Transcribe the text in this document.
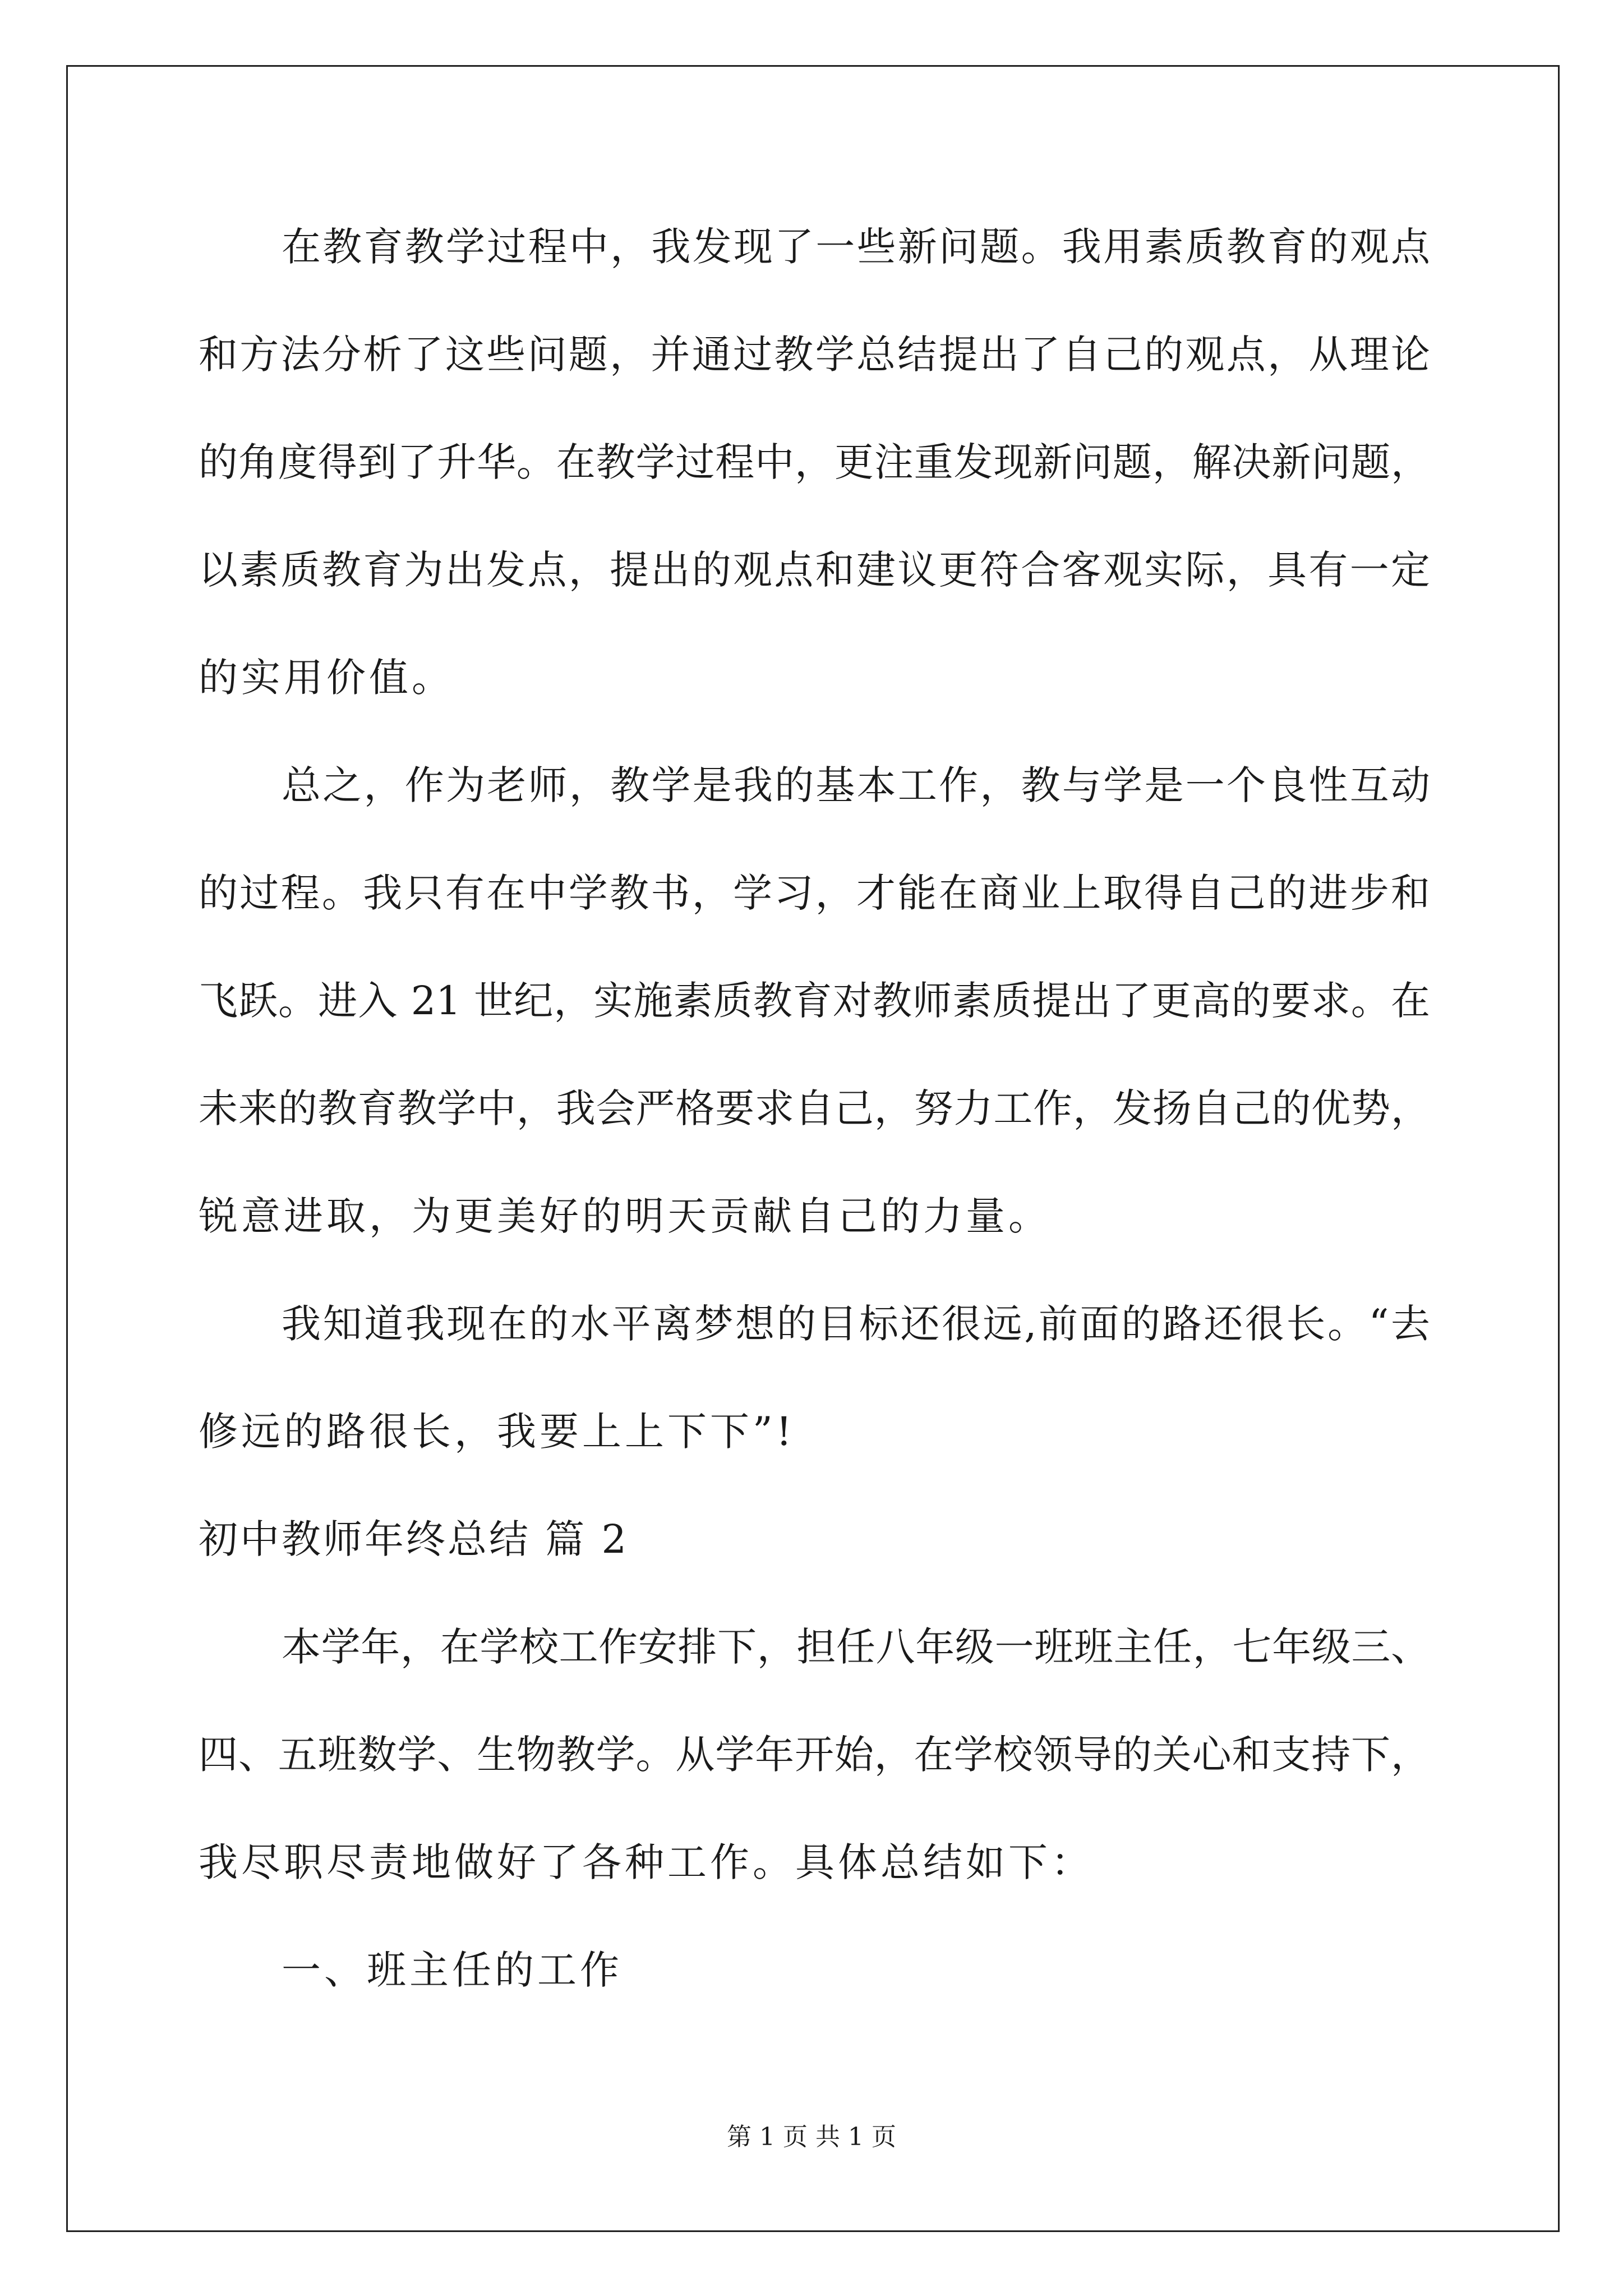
在教育教学过程中，我发现了一些新问题。我用素质教育的观点
和方法分析了这些问题，并通过教学总结提出了自己的观点，从理论
的角度得到了升华。在教学过程中，更注重发现新问题，解决新问题，
以素质教育为出发点，提出的观点和建议更符合客观实际，具有一定
的实用价值。
总之，作为老师，教学是我的基本工作，教与学是一个良性互动
的过程。我只有在中学教书，学习，才能在商业上取得自己的进步和
飞跃。进入 21 世纪，实施素质教育对教师素质提出了更高的要求。在
未来的教育教学中，我会严格要求自己，努力工作，发扬自己的优势，
锐意进取，为更美好的明天贡献自己的力量。
我知道我现在的水平离梦想的目标还很远,前面的路还很长。“去
修远的路很长，我要上上下下”!
初中教师年终总结 篇 2
本学年，在学校工作安排下，担任八年级一班班主任，七年级三、
四、五班数学、生物教学。从学年开始，在学校领导的关心和支持下，
我尽职尽责地做好了各种工作。具体总结如下：
一、班主任的工作
第 1 页 共 1 页
